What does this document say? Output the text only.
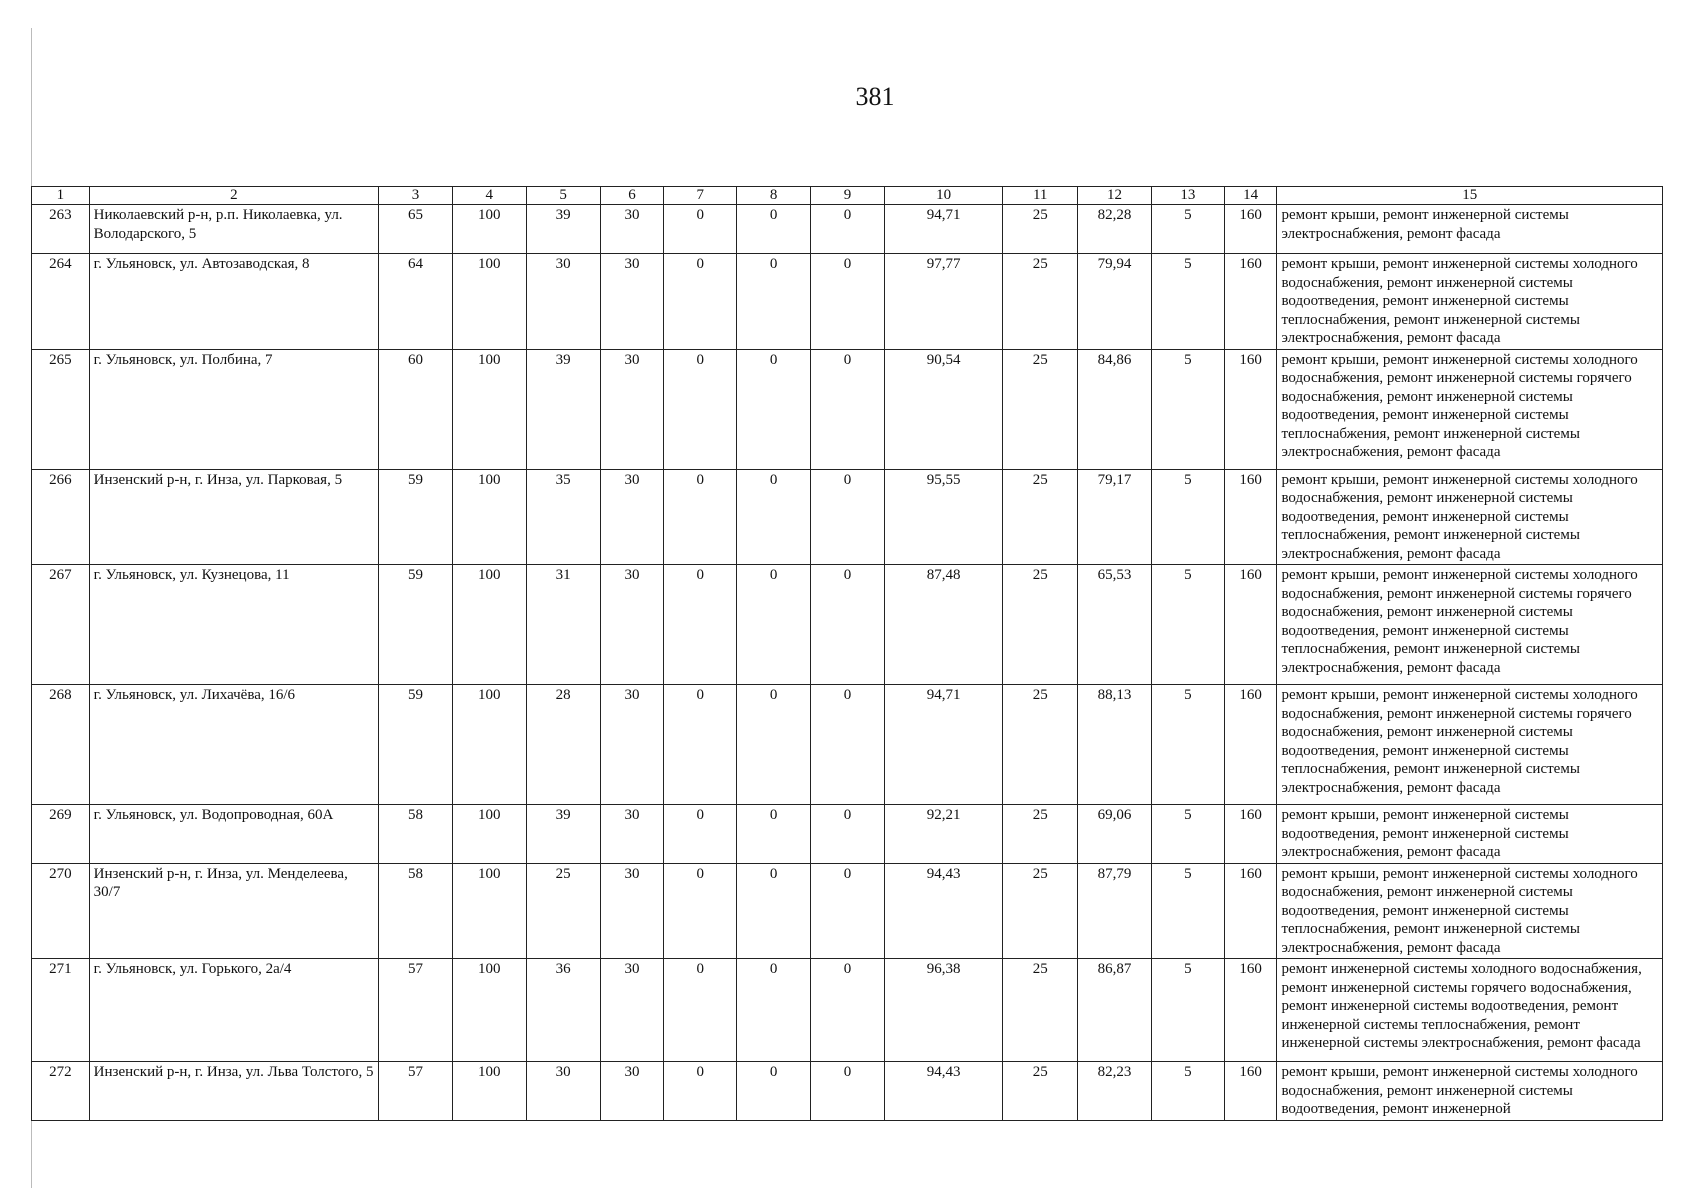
381
1	2	3	4	5	6	7	8	9	10	11	12	13	14	15
263	Николаевский р-н, р.п. Николаевка, ул. Володарского, 5	65	100	39	30	0	0	0	94,71	25	82,28	5	160	ремонт крыши, ремонт инженерной системы электроснабжения, ремонт фасада
264	г. Ульяновск, ул. Автозаводская, 8	64	100	30	30	0	0	0	97,77	25	79,94	5	160	ремонт крыши, ремонт инженерной системы холодного водоснабжения, ремонт инженерной системы водоотведения, ремонт инженерной системы теплоснабжения, ремонт инженерной системы электроснабжения, ремонт фасада
265	г. Ульяновск, ул. Полбина, 7	60	100	39	30	0	0	0	90,54	25	84,86	5	160	ремонт крыши, ремонт инженерной системы холодного водоснабжения, ремонт инженерной системы горячего водоснабжения, ремонт инженерной системы водоотведения, ремонт инженерной системы теплоснабжения, ремонт инженерной системы электроснабжения, ремонт фасада
266	Инзенский р-н, г. Инза, ул. Парковая, 5	59	100	35	30	0	0	0	95,55	25	79,17	5	160	ремонт крыши, ремонт инженерной системы холодного водоснабжения, ремонт инженерной системы водоотведения, ремонт инженерной системы теплоснабжения, ремонт инженерной системы электроснабжения, ремонт фасада
267	г. Ульяновск, ул. Кузнецова, 11	59	100	31	30	0	0	0	87,48	25	65,53	5	160	ремонт крыши, ремонт инженерной системы холодного водоснабжения, ремонт инженерной системы горячего водоснабжения, ремонт инженерной системы водоотведения, ремонт инженерной системы теплоснабжения, ремонт инженерной системы электроснабжения, ремонт фасада
268	г. Ульяновск, ул. Лихачёва, 16/6	59	100	28	30	0	0	0	94,71	25	88,13	5	160	ремонт крыши, ремонт инженерной системы холодного водоснабжения, ремонт инженерной системы горячего водоснабжения, ремонт инженерной системы водоотведения, ремонт инженерной системы теплоснабжения, ремонт инженерной системы электроснабжения, ремонт фасада
269	г. Ульяновск, ул. Водопроводная, 60А	58	100	39	30	0	0	0	92,21	25	69,06	5	160	ремонт крыши, ремонт инженерной системы водоотведения, ремонт инженерной системы электроснабжения, ремонт фасада
270	Инзенский р-н, г. Инза, ул. Менделеева, 30/7	58	100	25	30	0	0	0	94,43	25	87,79	5	160	ремонт крыши, ремонт инженерной системы холодного водоснабжения, ремонт инженерной системы водоотведения, ремонт инженерной системы теплоснабжения, ремонт инженерной системы электроснабжения, ремонт фасада
271	г. Ульяновск, ул. Горького, 2а/4	57	100	36	30	0	0	0	96,38	25	86,87	5	160	ремонт инженерной системы холодного водоснабжения, ремонт инженерной системы горячего водоснабжения, ремонт инженерной системы водоотведения, ремонт инженерной системы теплоснабжения, ремонт инженерной системы электроснабжения, ремонт фасада
272	Инзенский р-н, г. Инза, ул. Льва Толстого, 5	57	100	30	30	0	0	0	94,43	25	82,23	5	160	ремонт крыши, ремонт инженерной системы холодного водоснабжения, ремонт инженерной системы водоотведения, ремонт инженерной
